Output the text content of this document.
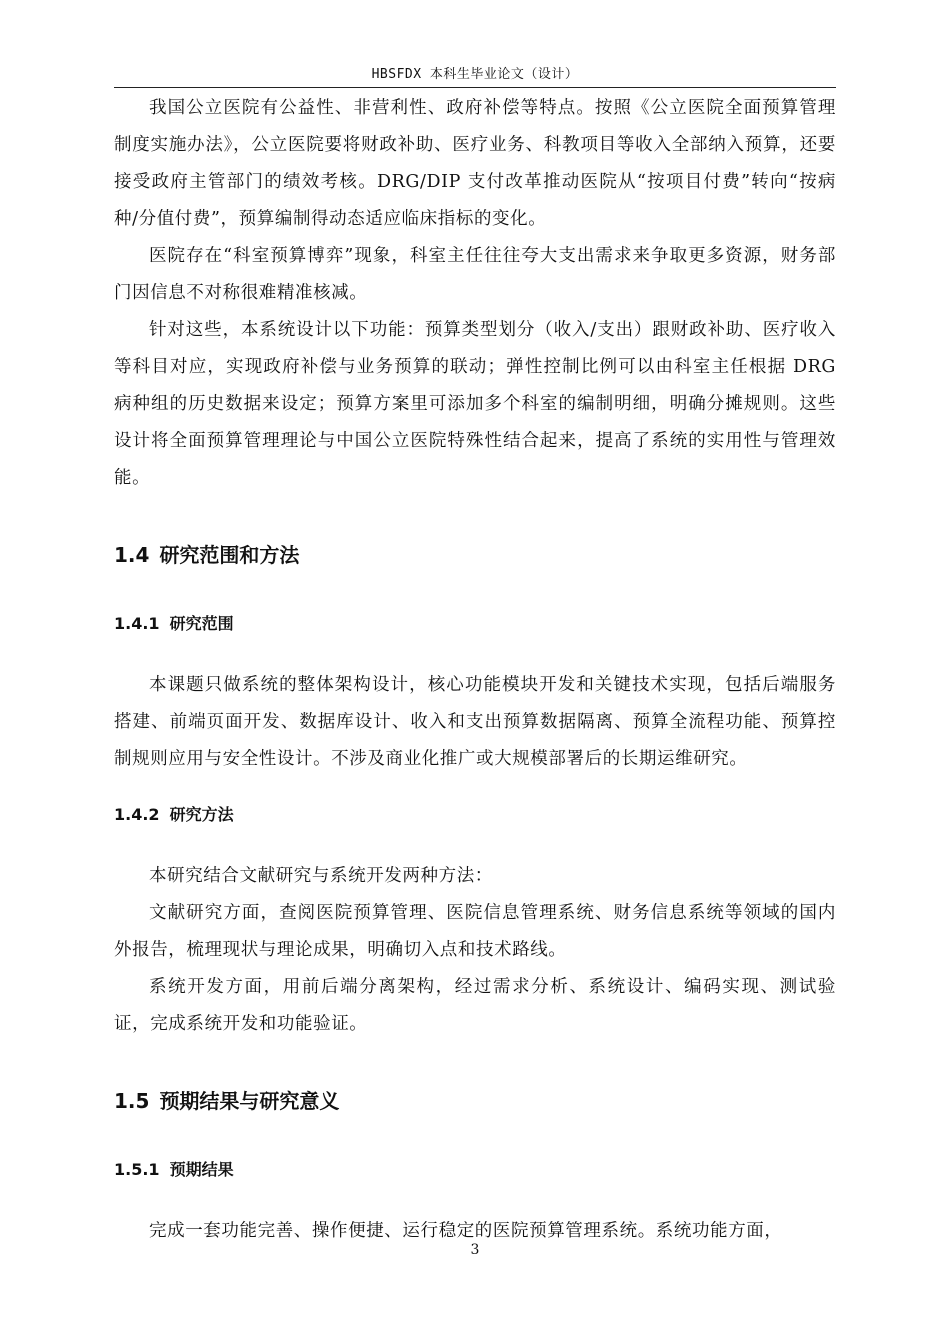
HBSFDX 本科生毕业论文（设计）

我国公立医院有公益性、非营利性、政府补偿等特点。按照《公立医院全面预算管理制度实施办法》，公立医院要将财政补助、医疗业务、科教项目等收入全部纳入预算，还要接受政府主管部门的绩效考核。DRG/DIP 支付改革推动医院从“按项目付费”转向“按病种/分值付费”，预算编制得动态适应临床指标的变化。

医院存在“科室预算博弈”现象，科室主任往往夸大支出需求来争取更多资源，财务部门因信息不对称很难精准核减。

针对这些，本系统设计以下功能：预算类型划分（收入/支出）跟财政补助、医疗收入等科目对应，实现政府补偿与业务预算的联动；弹性控制比例可以由科室主任根据 DRG 病种组的历史数据来设定；预算方案里可添加多个科室的编制明细，明确分摊规则。这些设计将全面预算管理理论与中国公立医院特殊性结合起来，提高了系统的实用性与管理效能。

1.4 研究范围和方法
1.4.1 研究范围

本课题只做系统的整体架构设计，核心功能模块开发和关键技术实现，包括后端服务搭建、前端页面开发、数据库设计、收入和支出预算数据隔离、预算全流程功能、预算控制规则应用与安全性设计。不涉及商业化推广或大规模部署后的长期运维研究。

1.4.2 研究方法

本研究结合文献研究与系统开发两种方法：

文献研究方面，查阅医院预算管理、医院信息管理系统、财务信息系统等领域的国内外报告，梳理现状与理论成果，明确切入点和技术路线。

系统开发方面，用前后端分离架构，经过需求分析、系统设计、编码实现、测试验证，完成系统开发和功能验证。

1.5 预期结果与研究意义
1.5.1 预期结果

完成一套功能完善、操作便捷、运行稳定的医院预算管理系统。系统功能方面，

3
